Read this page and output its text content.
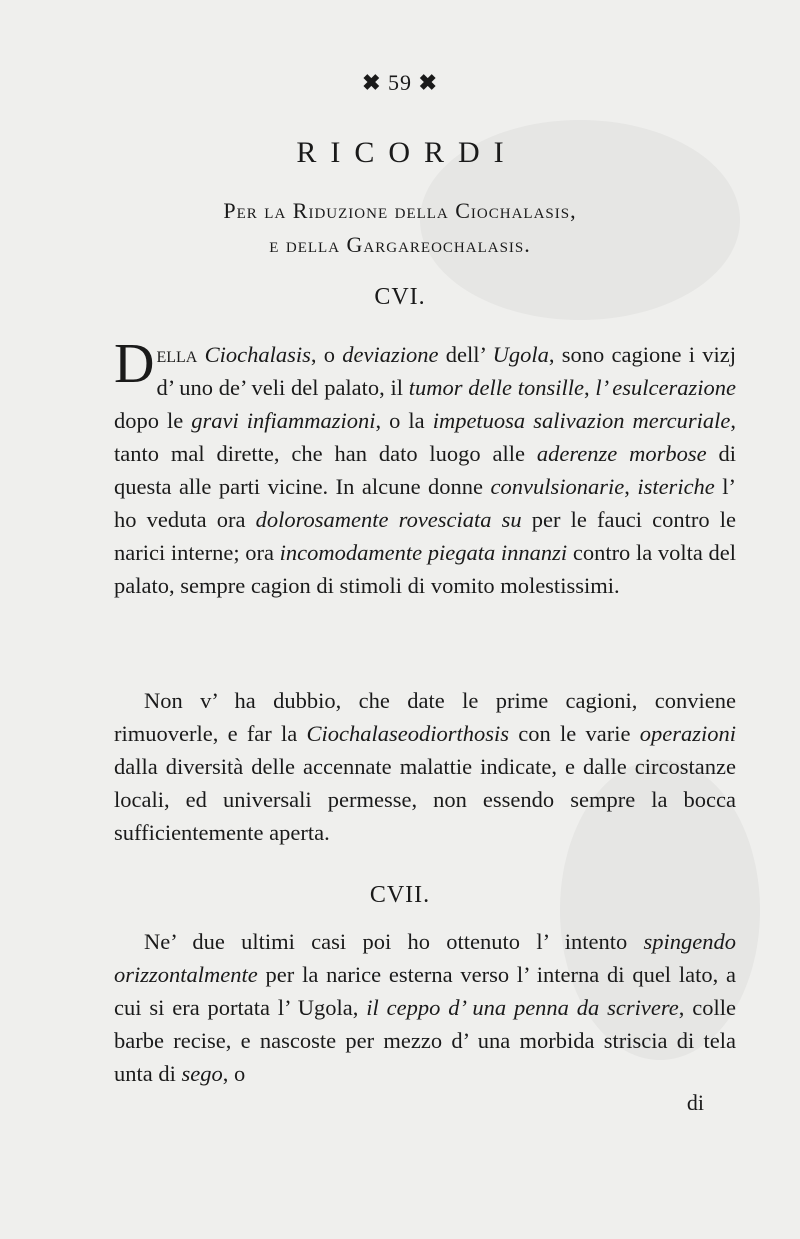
✖ 59 ✖
RICORDI
Per la Riduzione della Ciochalasis,
e della Gargareochalasis.
CVI.

Della Ciochalasis, o deviazione dell’ Ugola, sono cagione i vizj d’ uno de’ veli del palato, il tumor delle tonsille, l’ esulcerazione dopo le gravi infiammazioni, o la impetuosa salivazion mercuriale, tanto mal dirette, che han dato luogo alle aderenze morbose di questa alle parti vicine. In alcune donne convulsionarie, isteriche l’ ho veduta ora dolorosamente rovesciata su per le fauci contro le narici interne; ora incomodamente piegata innanzi contro la volta del palato, sempre cagion di stimoli di vomito molestissimi.

Non v’ ha dubbio, che date le prime cagioni, conviene rimuoverle, e far la Ciochalaseodiorthosis con le varie operazioni dalla diversità delle accennate malattie indicate, e dalle circostanze locali, ed universali permesse, non essendo sempre la bocca sufficientemente aperta.

CVII.

Ne’ due ultimi casi poi ho ottenuto l’ intento spingendo orizzontalmente per la narice esterna verso l’ interna di quel lato, a cui si era portata l’ Ugola, il ceppo d’ una penna da scrivere, colle barbe recise, e nascoste per mezzo d’ una morbida striscia di tela unta di sego, o

di
